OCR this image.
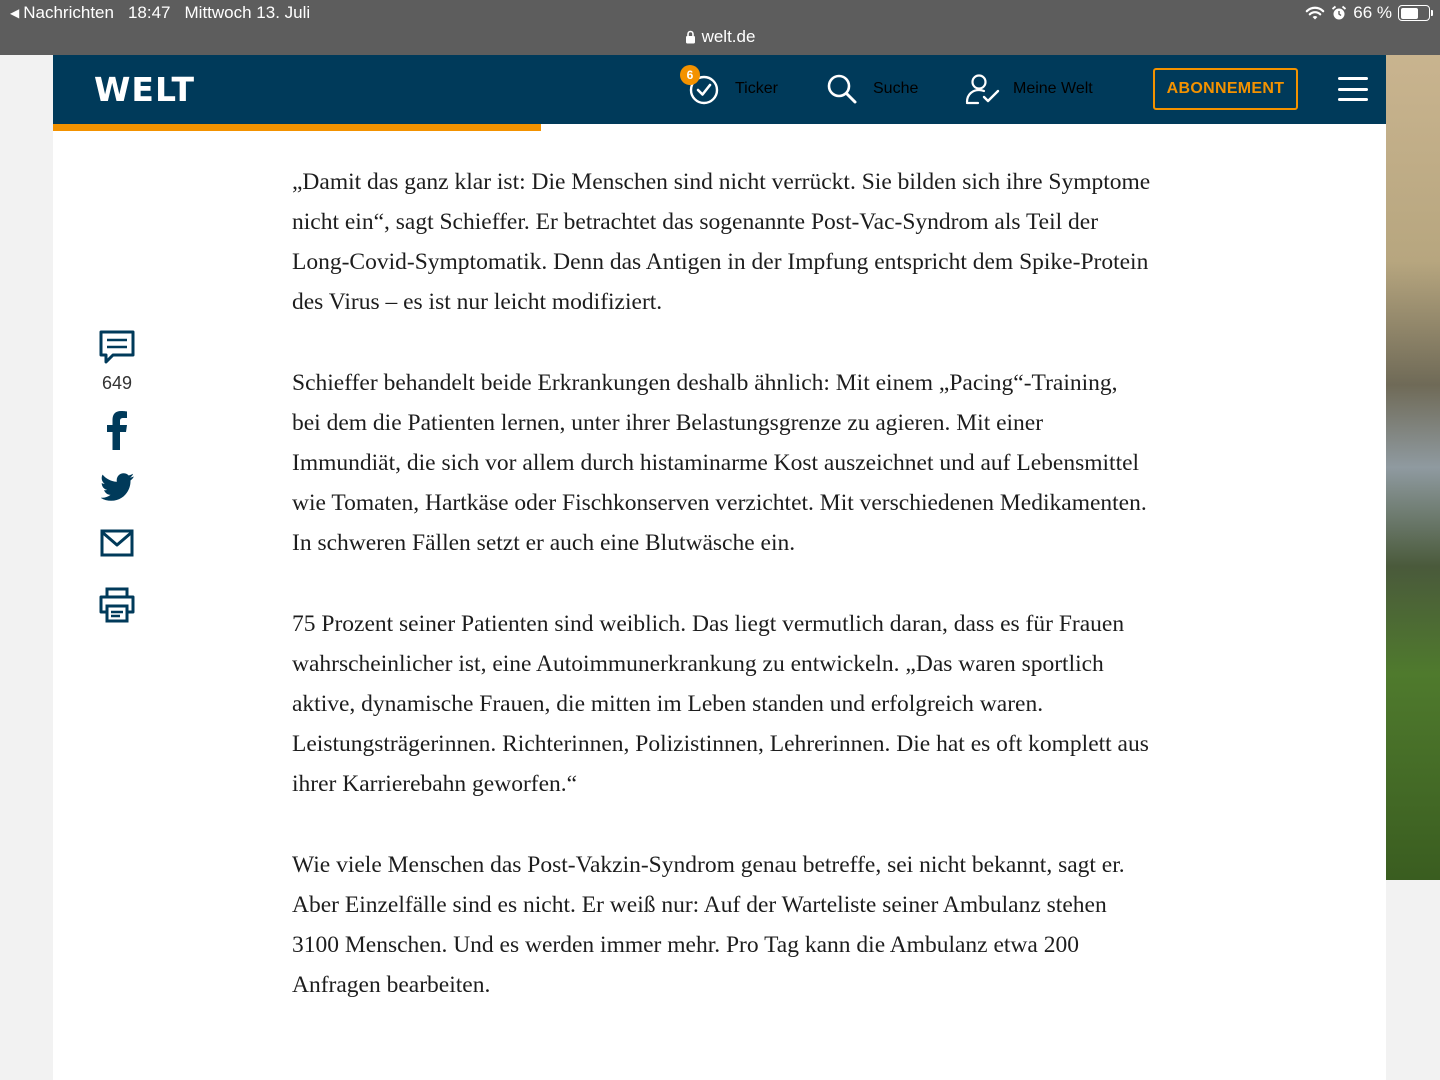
◀ Nachrichten 18:47 Mittwoch 13. Juli	66 %
welt.de
WELT	6
Ticker	Suche	Meine Welt	ABONNEMENT
649

„Damit das ganz klar ist: Die Menschen sind nicht verrückt. Sie bilden sich ihre Symptome nicht ein“, sagt Schieffer. Er betrachtet das sogenannte Post-Vac-Syndrom als Teil der Long-Covid-Symptomatik. Denn das Antigen in der Impfung entspricht dem Spike-Protein des Virus – es ist nur leicht modifiziert.

Schieffer behandelt beide Erkrankungen deshalb ähnlich: Mit einem „Pacing“-Training, bei dem die Patienten lernen, unter ihrer Belastungsgrenze zu agieren. Mit einer Immundiät, die sich vor allem durch histaminarme Kost auszeichnet und auf Lebensmittel wie Tomaten, Hartkäse oder Fischkonserven verzichtet. Mit verschiedenen Medikamenten. In schweren Fällen setzt er auch eine Blutwäsche ein.

75 Prozent seiner Patienten sind weiblich. Das liegt vermutlich daran, dass es für Frauen wahrscheinlicher ist, eine Autoimmunerkrankung zu entwickeln. „Das waren sportlich aktive, dynamische Frauen, die mitten im Leben standen und erfolgreich waren. Leistungsträgerinnen. Richterinnen, Polizistinnen, Lehrerinnen. Die hat es oft komplett aus ihrer Karrierebahn geworfen.“

Wie viele Menschen das Post-Vakzin-Syndrom genau betreffe, sei nicht bekannt, sagt er. Aber Einzelfälle sind es nicht. Er weiß nur: Auf der Warteliste seiner Ambulanz stehen 3100 Menschen. Und es werden immer mehr. Pro Tag kann die Ambulanz etwa 200 Anfragen bearbeiten.
